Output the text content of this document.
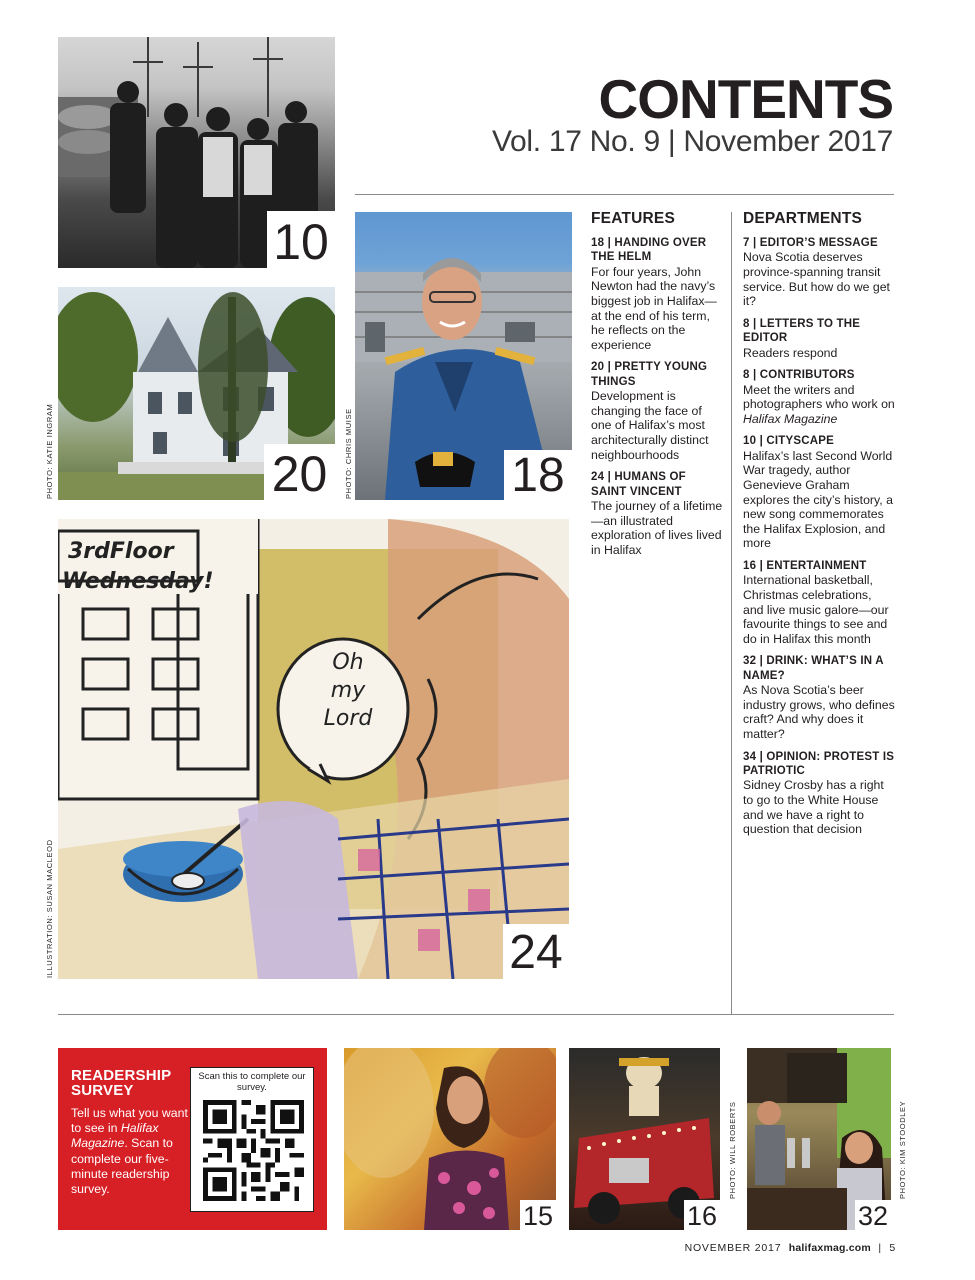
CONTENTS
Vol. 17 No. 9 | November 2017
10
PHOTO: KATIE INGRAM	20	PHOTO: CHRIS MUISE	18
ILLUSTRATION: SUSAN MACLEOD
3rdFloor
Wednesday!
Oh
my
Lord
24
FEATURES
18 | HANDING OVER THE HELM
For four years, John Newton had the navy’s biggest job in Halifax—at the end of his term, he reflects on the experience
20 | PRETTY YOUNG THINGS
Development is changing the face of one of Halifax’s most architecturally distinct neighbourhoods
24 | HUMANS OF SAINT VINCENT
The journey of a lifetime—an illustrated exploration of lives lived in Halifax
DEPARTMENTS
7 | EDITOR’S MESSAGE
Nova Scotia deserves province-spanning transit service. But how do we get it?
8 | LETTERS TO THE EDITOR
Readers respond
8 | CONTRIBUTORS
Meet the writers and photographers who work on Halifax Magazine
10 | CITYSCAPE
Halifax’s last Second World War tragedy, author Genevieve Graham explores the city’s history, a new song commemorates the Halifax Explosion, and more
16 | ENTERTAINMENT
International basketball, Christmas celebrations, and live music galore—our favourite things to see and do in Halifax this month
32 | DRINK: WHAT’S IN A NAME?
As Nova Scotia’s beer industry grows, who defines craft? And why does it matter?
34 | OPINION: PROTEST IS PATRIOTIC
Sidney Crosby has a right to go to the White House and we have a right to question that decision
READERSHIP
SURVEY
Tell us what you want to see in Halifax Magazine. Scan to complete our five-minute readership survey.
Scan this to complete our survey.
15
PHOTO: WILL ROBERTS
16
PHOTO: KIM STOODLEY
32
NOVEMBER 2017 halifaxmag.com  |  5
